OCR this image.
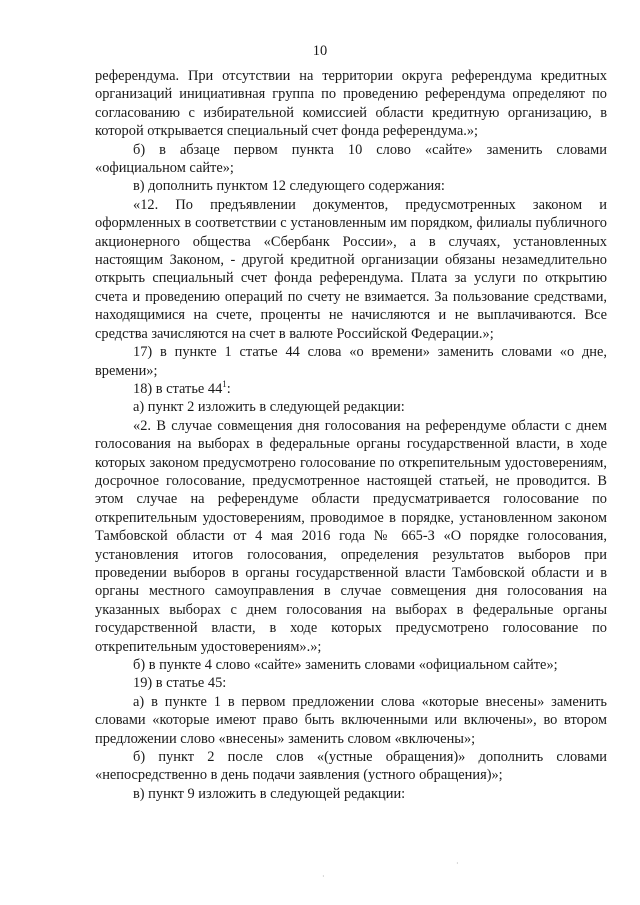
10

референдума. При отсутствии на территории округа референдума кредитных организаций инициативная группа по проведению референдума определяют по согласованию с избирательной комиссией области кредитную организацию, в которой открывается специальный счет фонда референдума.»;

б) в абзаце первом пункта 10 слово «сайте» заменить словами «официальном сайте»;

в) дополнить пунктом 12 следующего содержания:

«12. По предъявлении документов, предусмотренных законом и оформленных в соответствии с установленным им порядком, филиалы публичного акционерного общества «Сбербанк России», а в случаях, установленных настоящим Законом, - другой кредитной организации обязаны незамедлительно открыть специальный счет фонда референдума. Плата за услуги по открытию счета и проведению операций по счету не взимается. За пользование средствами, находящимися на счете, проценты не начисляются и не выплачиваются. Все средства зачисляются на счет в валюте Российской Федерации.»;

17) в пункте 1 статье 44 слова «о времени» заменить словами «о дне, времени»;

18) в статье $44^1$:

а) пункт 2 изложить в следующей редакции:

«2. В случае совмещения дня голосования на референдуме области с днем голосования на выборах в федеральные органы государственной власти, в ходе которых законом предусмотрено голосование по открепительным удостоверениям, досрочное голосование, предусмотренное настоящей статьей, не проводится. В этом случае на референдуме области предусматривается голосование по открепительным удостоверениям, проводимое в порядке, установленном законом Тамбовской области от 4 мая 2016 года № 665-З «О порядке голосования, установления итогов голосования, определения результатов выборов при проведении выборов в органы государственной власти Тамбовской области и в органы местного самоуправления в случае совмещения дня голосования на указанных выборах с днем голосования на выборах в федеральные органы государственной власти, в ходе которых предусмотрено голосование по открепительным удостоверениям».»;

б) в пункте 4 слово «сайте» заменить словами «официальном сайте»;

19) в статье 45:

а) в пункте 1 в первом предложении слова «которые внесены» заменить словами «которые имеют право быть включенными или включены», во втором предложении слово «внесены» заменить словом «включены»;

б) пункт 2 после слов «(устные обращения)» дополнить словами «непосредственно в день подачи заявления (устного обращения)»;

в) пункт 9 изложить в следующей редакции:

·
·
